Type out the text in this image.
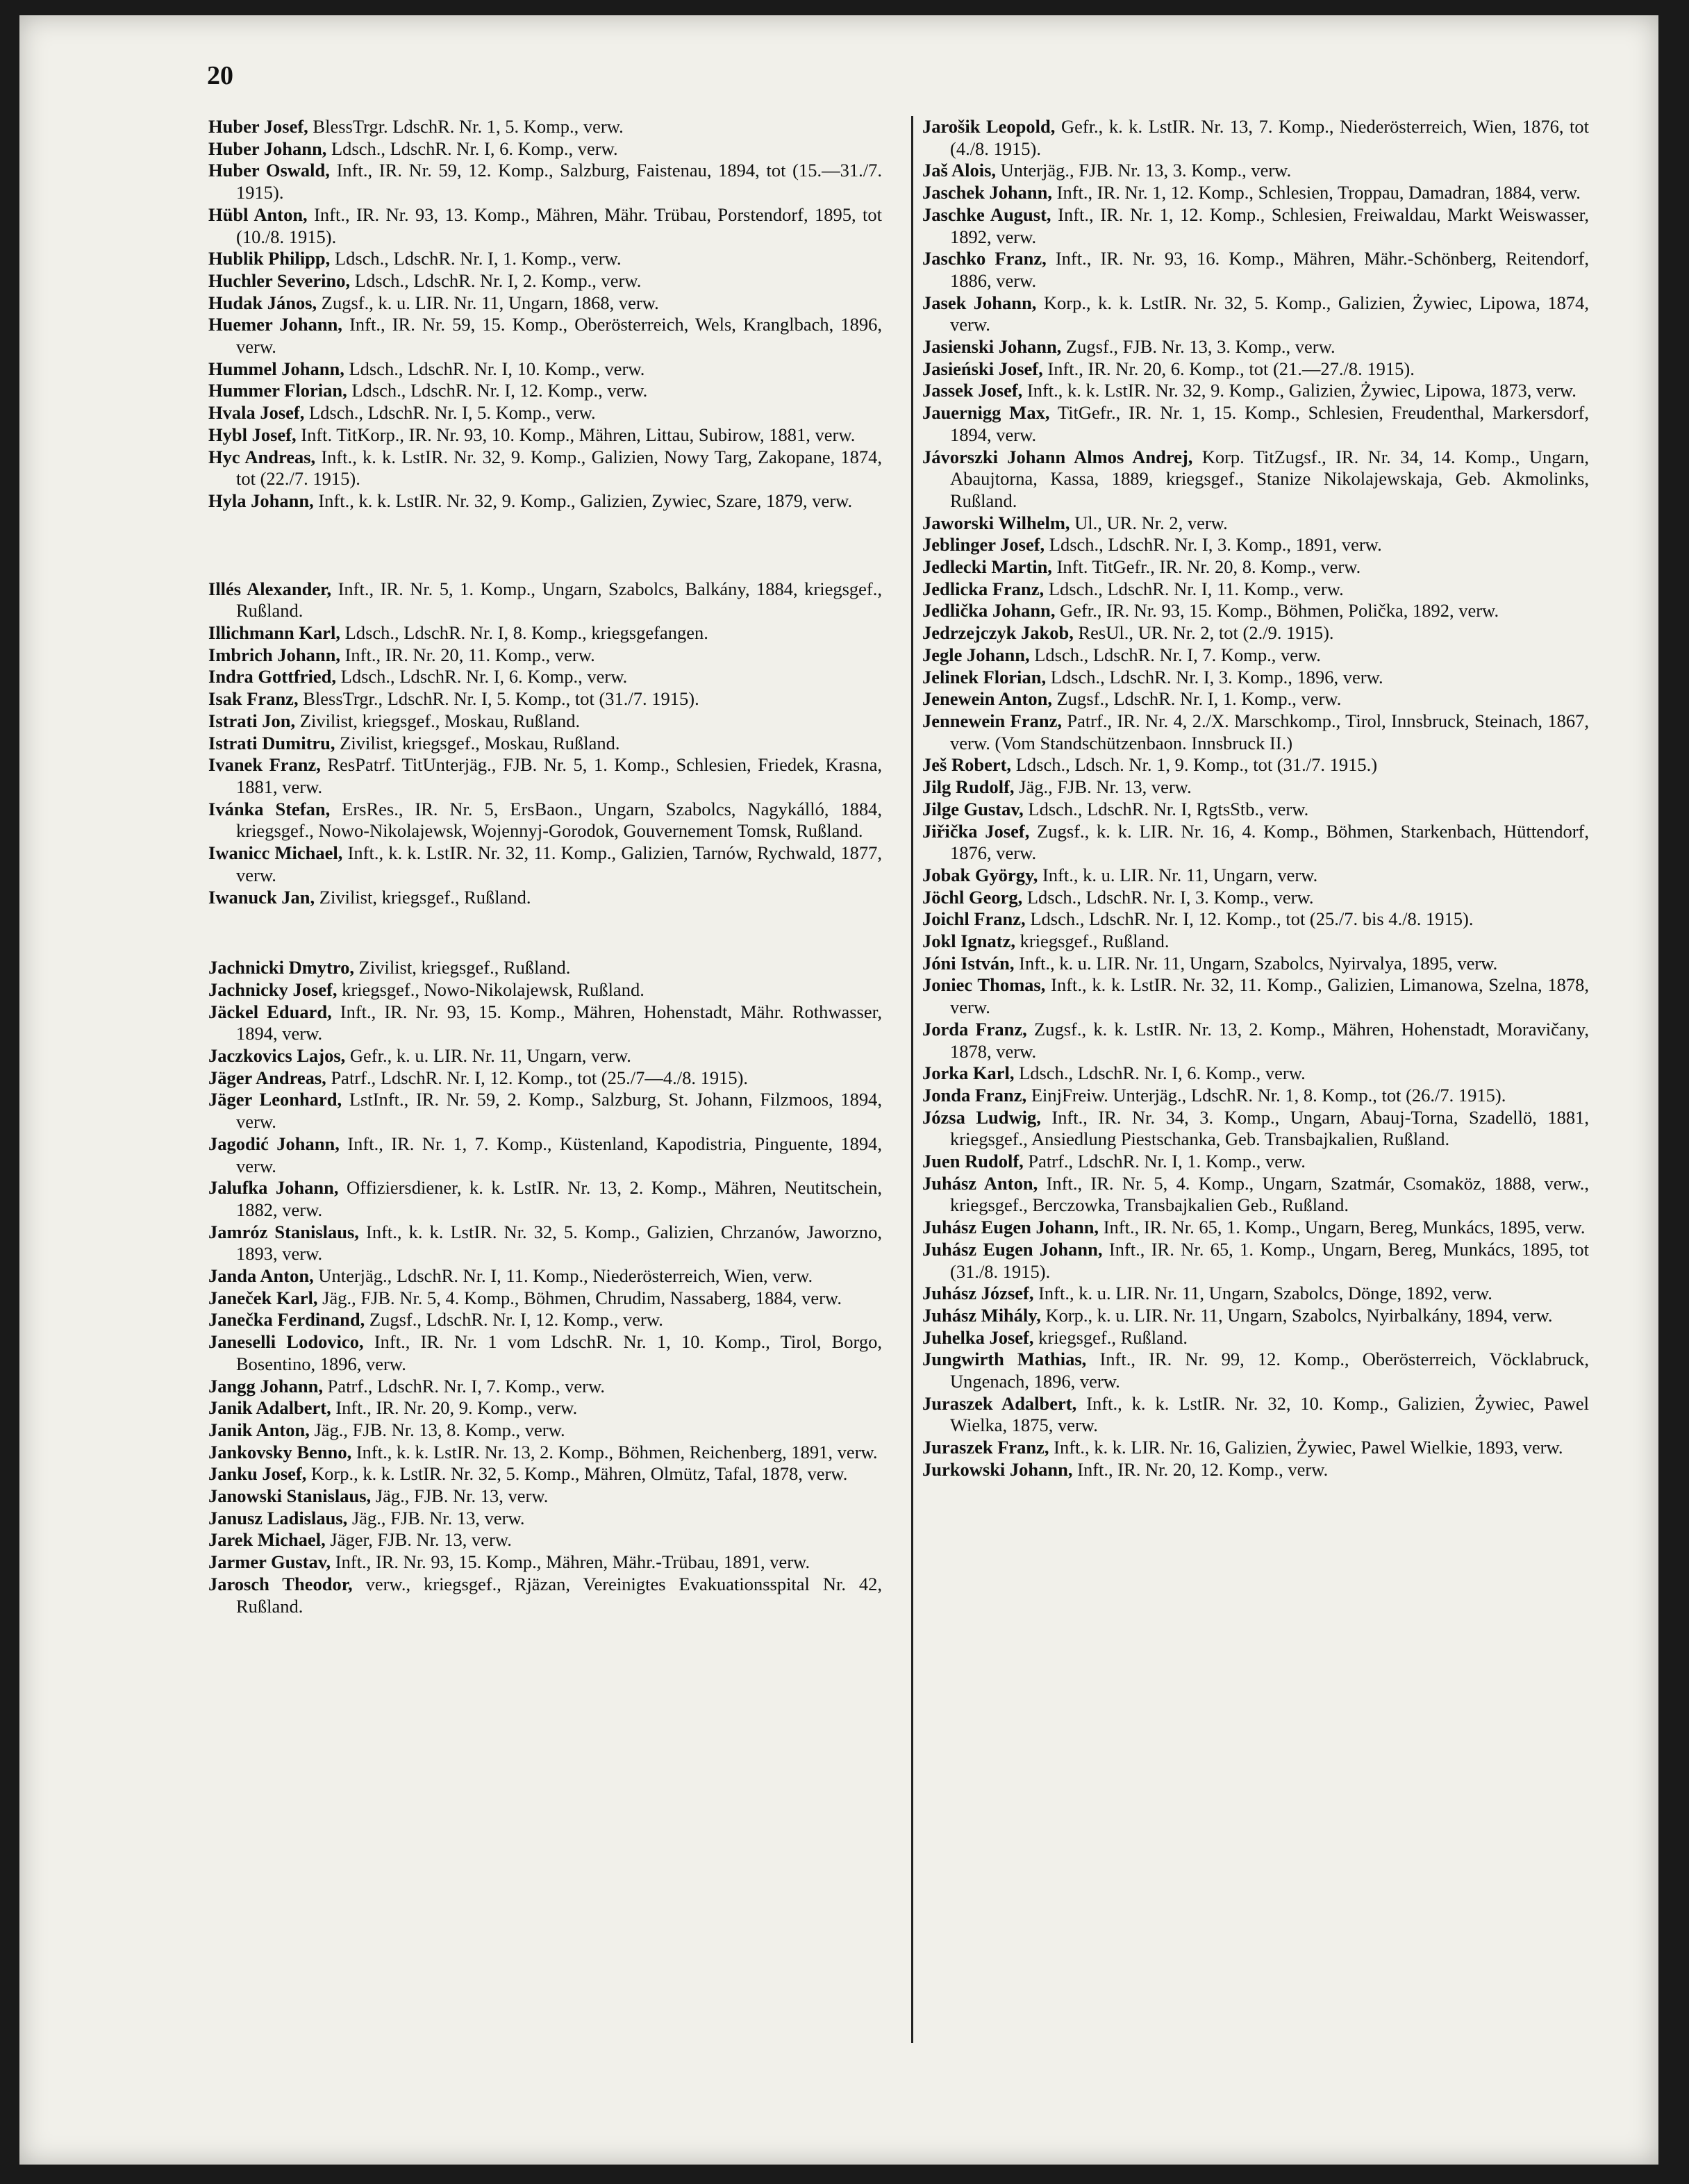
20
Huber Josef, BlessTrgr. LdschR. Nr. 1, 5. Komp., verw.
Huber Johann, Ldsch., LdschR. Nr. I, 6. Komp., verw.
Huber Oswald, Inft., IR. Nr. 59, 12. Komp., Salzburg, Faistenau, 1894, tot (15.—31./7. 1915).
Hübl Anton, Inft., IR. Nr. 93, 13. Komp., Mähren, Mähr. Trübau, Porstendorf, 1895, tot (10./8. 1915).
Hublik Philipp, Ldsch., LdschR. Nr. I, 1. Komp., verw.
Huchler Severino, Ldsch., LdschR. Nr. I, 2. Komp., verw.
Hudak János, Zugsf., k. u. LIR. Nr. 11, Ungarn, 1868, verw.
Huemer Johann, Inft., IR. Nr. 59, 15. Komp., Oberösterreich, Wels, Kranglbach, 1896, verw.
Hummel Johann, Ldsch., LdschR. Nr. I, 10. Komp., verw.
Hummer Florian, Ldsch., LdschR. Nr. I, 12. Komp., verw.
Hvala Josef, Ldsch., LdschR. Nr. I, 5. Komp., verw.
Hybl Josef, Inft. TitKorp., IR. Nr. 93, 10. Komp., Mähren, Littau, Subirow, 1881, verw.
Hyc Andreas, Inft., k. k. LstIR. Nr. 32, 9. Komp., Galizien, Nowy Targ, Zakopane, 1874, tot (22./7. 1915).
Hyla Johann, Inft., k. k. LstIR. Nr. 32, 9. Komp., Galizien, Zywiec, Szare, 1879, verw.
Illés Alexander, Inft., IR. Nr. 5, 1. Komp., Ungarn, Szabolcs, Balkány, 1884, kriegsgef., Rußland.
Illichmann Karl, Ldsch., LdschR. Nr. I, 8. Komp., kriegsgefangen.
Imbrich Johann, Inft., IR. Nr. 20, 11. Komp., verw.
Indra Gottfried, Ldsch., LdschR. Nr. I, 6. Komp., verw.
Isak Franz, BlessTrgr., LdschR. Nr. I, 5. Komp., tot (31./7. 1915).
Istrati Jon, Zivilist, kriegsgef., Moskau, Rußland.
Istrati Dumitru, Zivilist, kriegsgef., Moskau, Rußland.
Ivanek Franz, ResPatrf. TitUnterjäg., FJB. Nr. 5, 1. Komp., Schlesien, Friedek, Krasna, 1881, verw.
Ivánka Stefan, ErsRes., IR. Nr. 5, ErsBaon., Ungarn, Szabolcs, Nagykálló, 1884, kriegsgef., Nowo-Nikolajewsk, Wojennyj-Gorodok, Gouvernement Tomsk, Rußland.
Iwanicc Michael, Inft., k. k. LstIR. Nr. 32, 11. Komp., Galizien, Tarnów, Rychwald, 1877, verw.
Iwanuck Jan, Zivilist, kriegsgef., Rußland.
Jachnicki Dmytro, Zivilist, kriegsgef., Rußland.
Jachnicky Josef, kriegsgef., Nowo-Nikolajewsk, Rußland.
Jäckel Eduard, Inft., IR. Nr. 93, 15. Komp., Mähren, Hohenstadt, Mähr. Rothwasser, 1894, verw.
Jaczkovics Lajos, Gefr., k. u. LIR. Nr. 11, Ungarn, verw.
Jäger Andreas, Patrf., LdschR. Nr. I, 12. Komp., tot (25./7—4./8. 1915).
Jäger Leonhard, LstInft., IR. Nr. 59, 2. Komp., Salzburg, St. Johann, Filzmoos, 1894, verw.
Jagodić Johann, Inft., IR. Nr. 1, 7. Komp., Küstenland, Kapodistria, Pinguente, 1894, verw.
Jalufka Johann, Offiziersdiener, k. k. LstIR. Nr. 13, 2. Komp., Mähren, Neutitschein, 1882, verw.
Jamróz Stanislaus, Inft., k. k. LstIR. Nr. 32, 5. Komp., Galizien, Chrzanów, Jaworzno, 1893, verw.
Janda Anton, Unterjäg., LdschR. Nr. I, 11. Komp., Niederösterreich, Wien, verw.
Janeček Karl, Jäg., FJB. Nr. 5, 4. Komp., Böhmen, Chrudim, Nassaberg, 1884, verw.
Janečka Ferdinand, Zugsf., LdschR. Nr. I, 12. Komp., verw.
Janeselli Lodovico, Inft., IR. Nr. 1 vom LdschR. Nr. 1, 10. Komp., Tirol, Borgo, Bosentino, 1896, verw.
Jangg Johann, Patrf., LdschR. Nr. I, 7. Komp., verw.
Janik Adalbert, Inft., IR. Nr. 20, 9. Komp., verw.
Janik Anton, Jäg., FJB. Nr. 13, 8. Komp., verw.
Jankovsky Benno, Inft., k. k. LstIR. Nr. 13, 2. Komp., Böhmen, Reichenberg, 1891, verw.
Janku Josef, Korp., k. k. LstIR. Nr. 32, 5. Komp., Mähren, Olmütz, Tafal, 1878, verw.
Janowski Stanislaus, Jäg., FJB. Nr. 13, verw.
Janusz Ladislaus, Jäg., FJB. Nr. 13, verw.
Jarek Michael, Jäger, FJB. Nr. 13, verw.
Jarmer Gustav, Inft., IR. Nr. 93, 15. Komp., Mähren, Mähr.-Trübau, 1891, verw.
Jarosch Theodor, verw., kriegsgef., Rjäzan, Vereinigtes Evakuationsspital Nr. 42, Rußland.
Jarošik Leopold, Gefr., k. k. LstIR. Nr. 13, 7. Komp., Niederösterreich, Wien, 1876, tot (4./8. 1915).
Jaš Alois, Unterjäg., FJB. Nr. 13, 3. Komp., verw.
Jaschek Johann, Inft., IR. Nr. 1, 12. Komp., Schlesien, Troppau, Damadran, 1884, verw.
Jaschke August, Inft., IR. Nr. 1, 12. Komp., Schlesien, Freiwaldau, Markt Weiswasser, 1892, verw.
Jaschko Franz, Inft., IR. Nr. 93, 16. Komp., Mähren, Mähr.-Schönberg, Reitendorf, 1886, verw.
Jasek Johann, Korp., k. k. LstIR. Nr. 32, 5. Komp., Galizien, Żywiec, Lipowa, 1874, verw.
Jasienski Johann, Zugsf., FJB. Nr. 13, 3. Komp., verw.
Jasieński Josef, Inft., IR. Nr. 20, 6. Komp., tot (21.—27./8. 1915).
Jassek Josef, Inft., k. k. LstIR. Nr. 32, 9. Komp., Galizien, Żywiec, Lipowa, 1873, verw.
Jauernigg Max, TitGefr., IR. Nr. 1, 15. Komp., Schlesien, Freudenthal, Markersdorf, 1894, verw.
Jávorszki Johann Almos Andrej, Korp. TitZugsf., IR. Nr. 34, 14. Komp., Ungarn, Abaujtorna, Kassa, 1889, kriegsgef., Stanize Nikolajewskaja, Geb. Akmolinks, Rußland.
Jaworski Wilhelm, Ul., UR. Nr. 2, verw.
Jeblinger Josef, Ldsch., LdschR. Nr. I, 3. Komp., 1891, verw.
Jedlecki Martin, Inft. TitGefr., IR. Nr. 20, 8. Komp., verw.
Jedlicka Franz, Ldsch., LdschR. Nr. I, 11. Komp., verw.
Jedlička Johann, Gefr., IR. Nr. 93, 15. Komp., Böhmen, Polička, 1892, verw.
Jedrzejczyk Jakob, ResUl., UR. Nr. 2, tot (2./9. 1915).
Jegle Johann, Ldsch., LdschR. Nr. I, 7. Komp., verw.
Jelinek Florian, Ldsch., LdschR. Nr. I, 3. Komp., 1896, verw.
Jenewein Anton, Zugsf., LdschR. Nr. I, 1. Komp., verw.
Jennewein Franz, Patrf., IR. Nr. 4, 2./X. Marschkomp., Tirol, Innsbruck, Steinach, 1867, verw. (Vom Standschützenbaon. Innsbruck II.)
Ješ Robert, Ldsch., Ldsch. Nr. 1, 9. Komp., tot (31./7. 1915.)
Jilg Rudolf, Jäg., FJB. Nr. 13, verw.
Jilge Gustav, Ldsch., LdschR. Nr. I, RgtsStb., verw.
Jiřička Josef, Zugsf., k. k. LIR. Nr. 16, 4. Komp., Böhmen, Starkenbach, Hüttendorf, 1876, verw.
Jobak György, Inft., k. u. LIR. Nr. 11, Ungarn, verw.
Jöchl Georg, Ldsch., LdschR. Nr. I, 3. Komp., verw.
Joichl Franz, Ldsch., LdschR. Nr. I, 12. Komp., tot (25./7. bis 4./8. 1915).
Jokl Ignatz, kriegsgef., Rußland.
Jóni István, Inft., k. u. LIR. Nr. 11, Ungarn, Szabolcs, Nyirvalya, 1895, verw.
Joniec Thomas, Inft., k. k. LstIR. Nr. 32, 11. Komp., Galizien, Limanowa, Szelna, 1878, verw.
Jorda Franz, Zugsf., k. k. LstIR. Nr. 13, 2. Komp., Mähren, Hohenstadt, Moravičany, 1878, verw.
Jorka Karl, Ldsch., LdschR. Nr. I, 6. Komp., verw.
Jonda Franz, EinjFreiw. Unterjäg., LdschR. Nr. 1, 8. Komp., tot (26./7. 1915).
Józsa Ludwig, Inft., IR. Nr. 34, 3. Komp., Ungarn, Abauj-Torna, Szadellö, 1881, kriegsgef., Ansiedlung Piestschanka, Geb. Transbajkalien, Rußland.
Juen Rudolf, Patrf., LdschR. Nr. I, 1. Komp., verw.
Juhász Anton, Inft., IR. Nr. 5, 4. Komp., Ungarn, Szatmár, Csomaköz, 1888, verw., kriegsgef., Berczowka, Transbajkalien Geb., Rußland.
Juhász Eugen Johann, Inft., IR. Nr. 65, 1. Komp., Ungarn, Bereg, Munkács, 1895, verw.
Juhász Eugen Johann, Inft., IR. Nr. 65, 1. Komp., Ungarn, Bereg, Munkács, 1895, tot (31./8. 1915).
Juhász József, Inft., k. u. LIR. Nr. 11, Ungarn, Szabolcs, Dönge, 1892, verw.
Juhász Mihály, Korp., k. u. LIR. Nr. 11, Ungarn, Szabolcs, Nyirbalkány, 1894, verw.
Juhelka Josef, kriegsgef., Rußland.
Jungwirth Mathias, Inft., IR. Nr. 99, 12. Komp., Oberösterreich, Vöcklabruck, Ungenach, 1896, verw.
Juraszek Adalbert, Inft., k. k. LstIR. Nr. 32, 10. Komp., Galizien, Żywiec, Pawel Wielka, 1875, verw.
Juraszek Franz, Inft., k. k. LIR. Nr. 16, Galizien, Żywiec, Pawel Wielkie, 1893, verw.
Jurkowski Johann, Inft., IR. Nr. 20, 12. Komp., verw.
